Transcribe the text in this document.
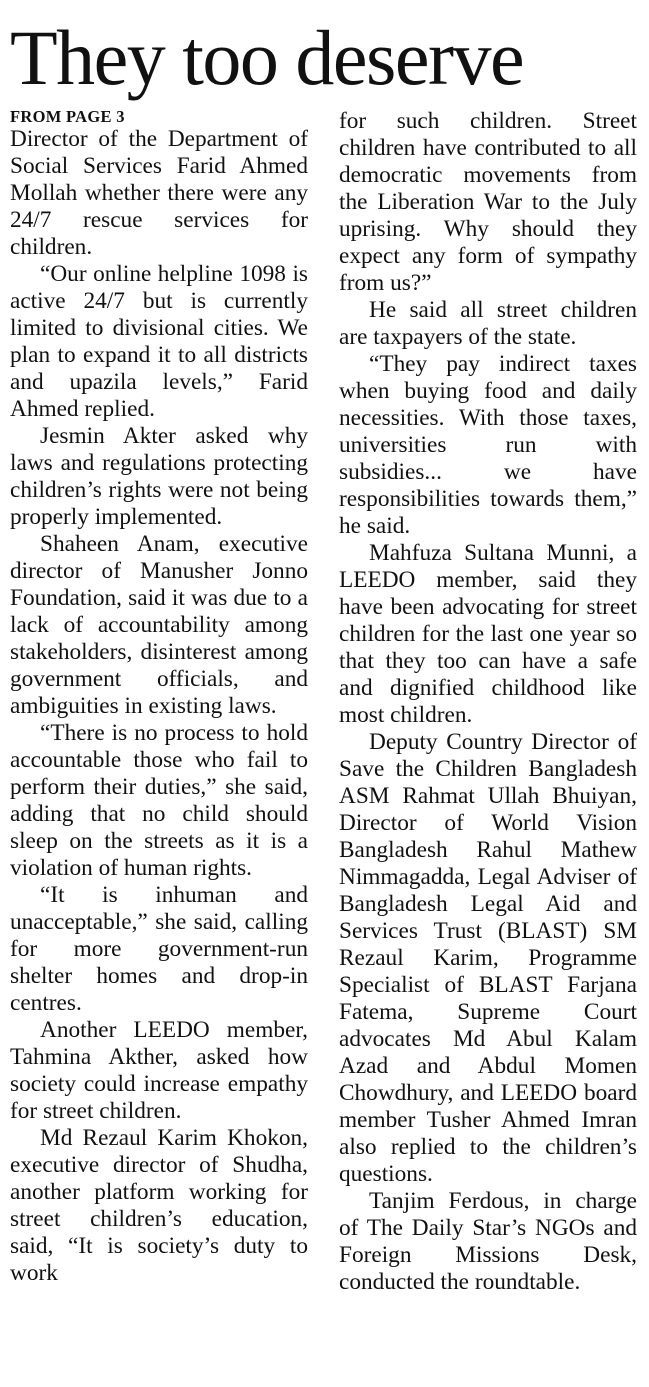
They too deserve
FROM PAGE 3

Director of the Department of Social Services Farid Ahmed Mollah whether there were any 24/7 rescue services for children.

“Our online helpline 1098 is active 24/7 but is currently limited to divisional cities. We plan to expand it to all districts and upazila levels,” Farid Ahmed replied.

Jesmin Akter asked why laws and regulations protecting children’s rights were not being properly implemented.

Shaheen Anam, executive director of Manusher Jonno Foundation, said it was due to a lack of accountability among stakeholders, disinterest among government officials, and ambiguities in existing laws.

“There is no process to hold accountable those who fail to perform their duties,” she said, adding that no child should sleep on the streets as it is a violation of human rights.

“It is inhuman and unacceptable,” she said, calling for more government-run shelter homes and drop-in centres.

Another LEEDO member, Tahmina Akther, asked how society could increase empathy for street children.

Md Rezaul Karim Khokon, executive director of Shudha, another platform working for street children’s education, said, “It is society’s duty to work

for such children. Street children have contributed to all democratic movements from the Liberation War to the July uprising. Why should they expect any form of sympathy from us?”

He said all street children are taxpayers of the state.

“They pay indirect taxes when buying food and daily necessities. With those taxes, universities run with subsidies... we have responsibilities towards them,” he said.

Mahfuza Sultana Munni, a LEEDO member, said they have been advocating for street children for the last one year so that they too can have a safe and dignified childhood like most children.

Deputy Country Director of Save the Children Bangladesh ASM Rahmat Ullah Bhuiyan, Director of World Vision Bangladesh Rahul Mathew Nimmagadda, Legal Adviser of Bangladesh Legal Aid and Services Trust (BLAST) SM Rezaul Karim, Programme Specialist of BLAST Farjana Fatema, Supreme Court advocates Md Abul Kalam Azad and Abdul Momen Chowdhury, and LEEDO board member Tusher Ahmed Imran also replied to the children’s questions.

Tanjim Ferdous, in charge of The Daily Star’s NGOs and Foreign Missions Desk, conducted the roundtable.
